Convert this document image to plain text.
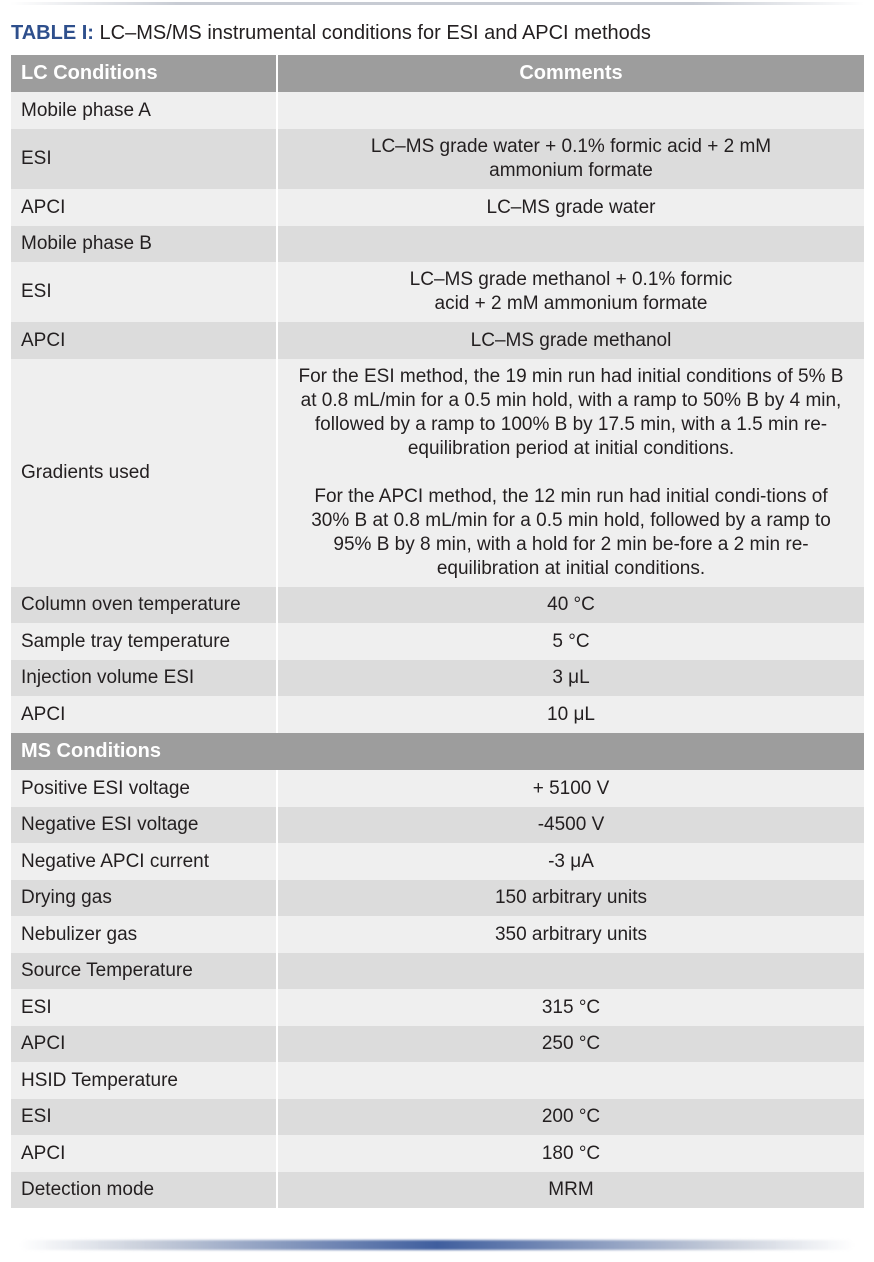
TABLE I: LC–MS/MS instrumental conditions for ESI and APCI methods
LC Conditions	Comments
Mobile phase A	
ESI	LC–MS grade water + 0.1% formic acid + 2 mM ammonium formate
APCI	LC–MS grade water
Mobile phase B	
ESI	LC–MS grade methanol + 0.1% formic acid + 2 mM ammonium formate
APCI	LC–MS grade methanol
Gradients used	For the ESI method, the 19 min run had initial conditions of 5% B at 0.8 mL/min for a 0.5 min hold, with a ramp to 50% B by 4 min, followed by a ramp to 100% B by 17.5 min, with a 1.5 min re-equilibration period at initial conditions.
For the APCI method, the 12 min run had initial condi-tions of 30% B at 0.8 mL/min for a 0.5 min hold, followed by a ramp to 95% B by 8 min, with a hold for 2 min be-fore a 2 min re-equilibration at initial conditions.

Column oven temperature	40 °C
Sample tray temperature	5 °C
Injection volume ESI	3 μL
APCI	10 μL
MS Conditions	
Positive ESI voltage	+ 5100 V
Negative ESI voltage	-4500 V
Negative APCI current	-3 μA
Drying gas	150 arbitrary units
Nebulizer gas	350 arbitrary units
Source Temperature	
ESI	315 °C
APCI	250 °C
HSID Temperature	
ESI	200 °C
APCI	180 °C
Detection mode	MRM
